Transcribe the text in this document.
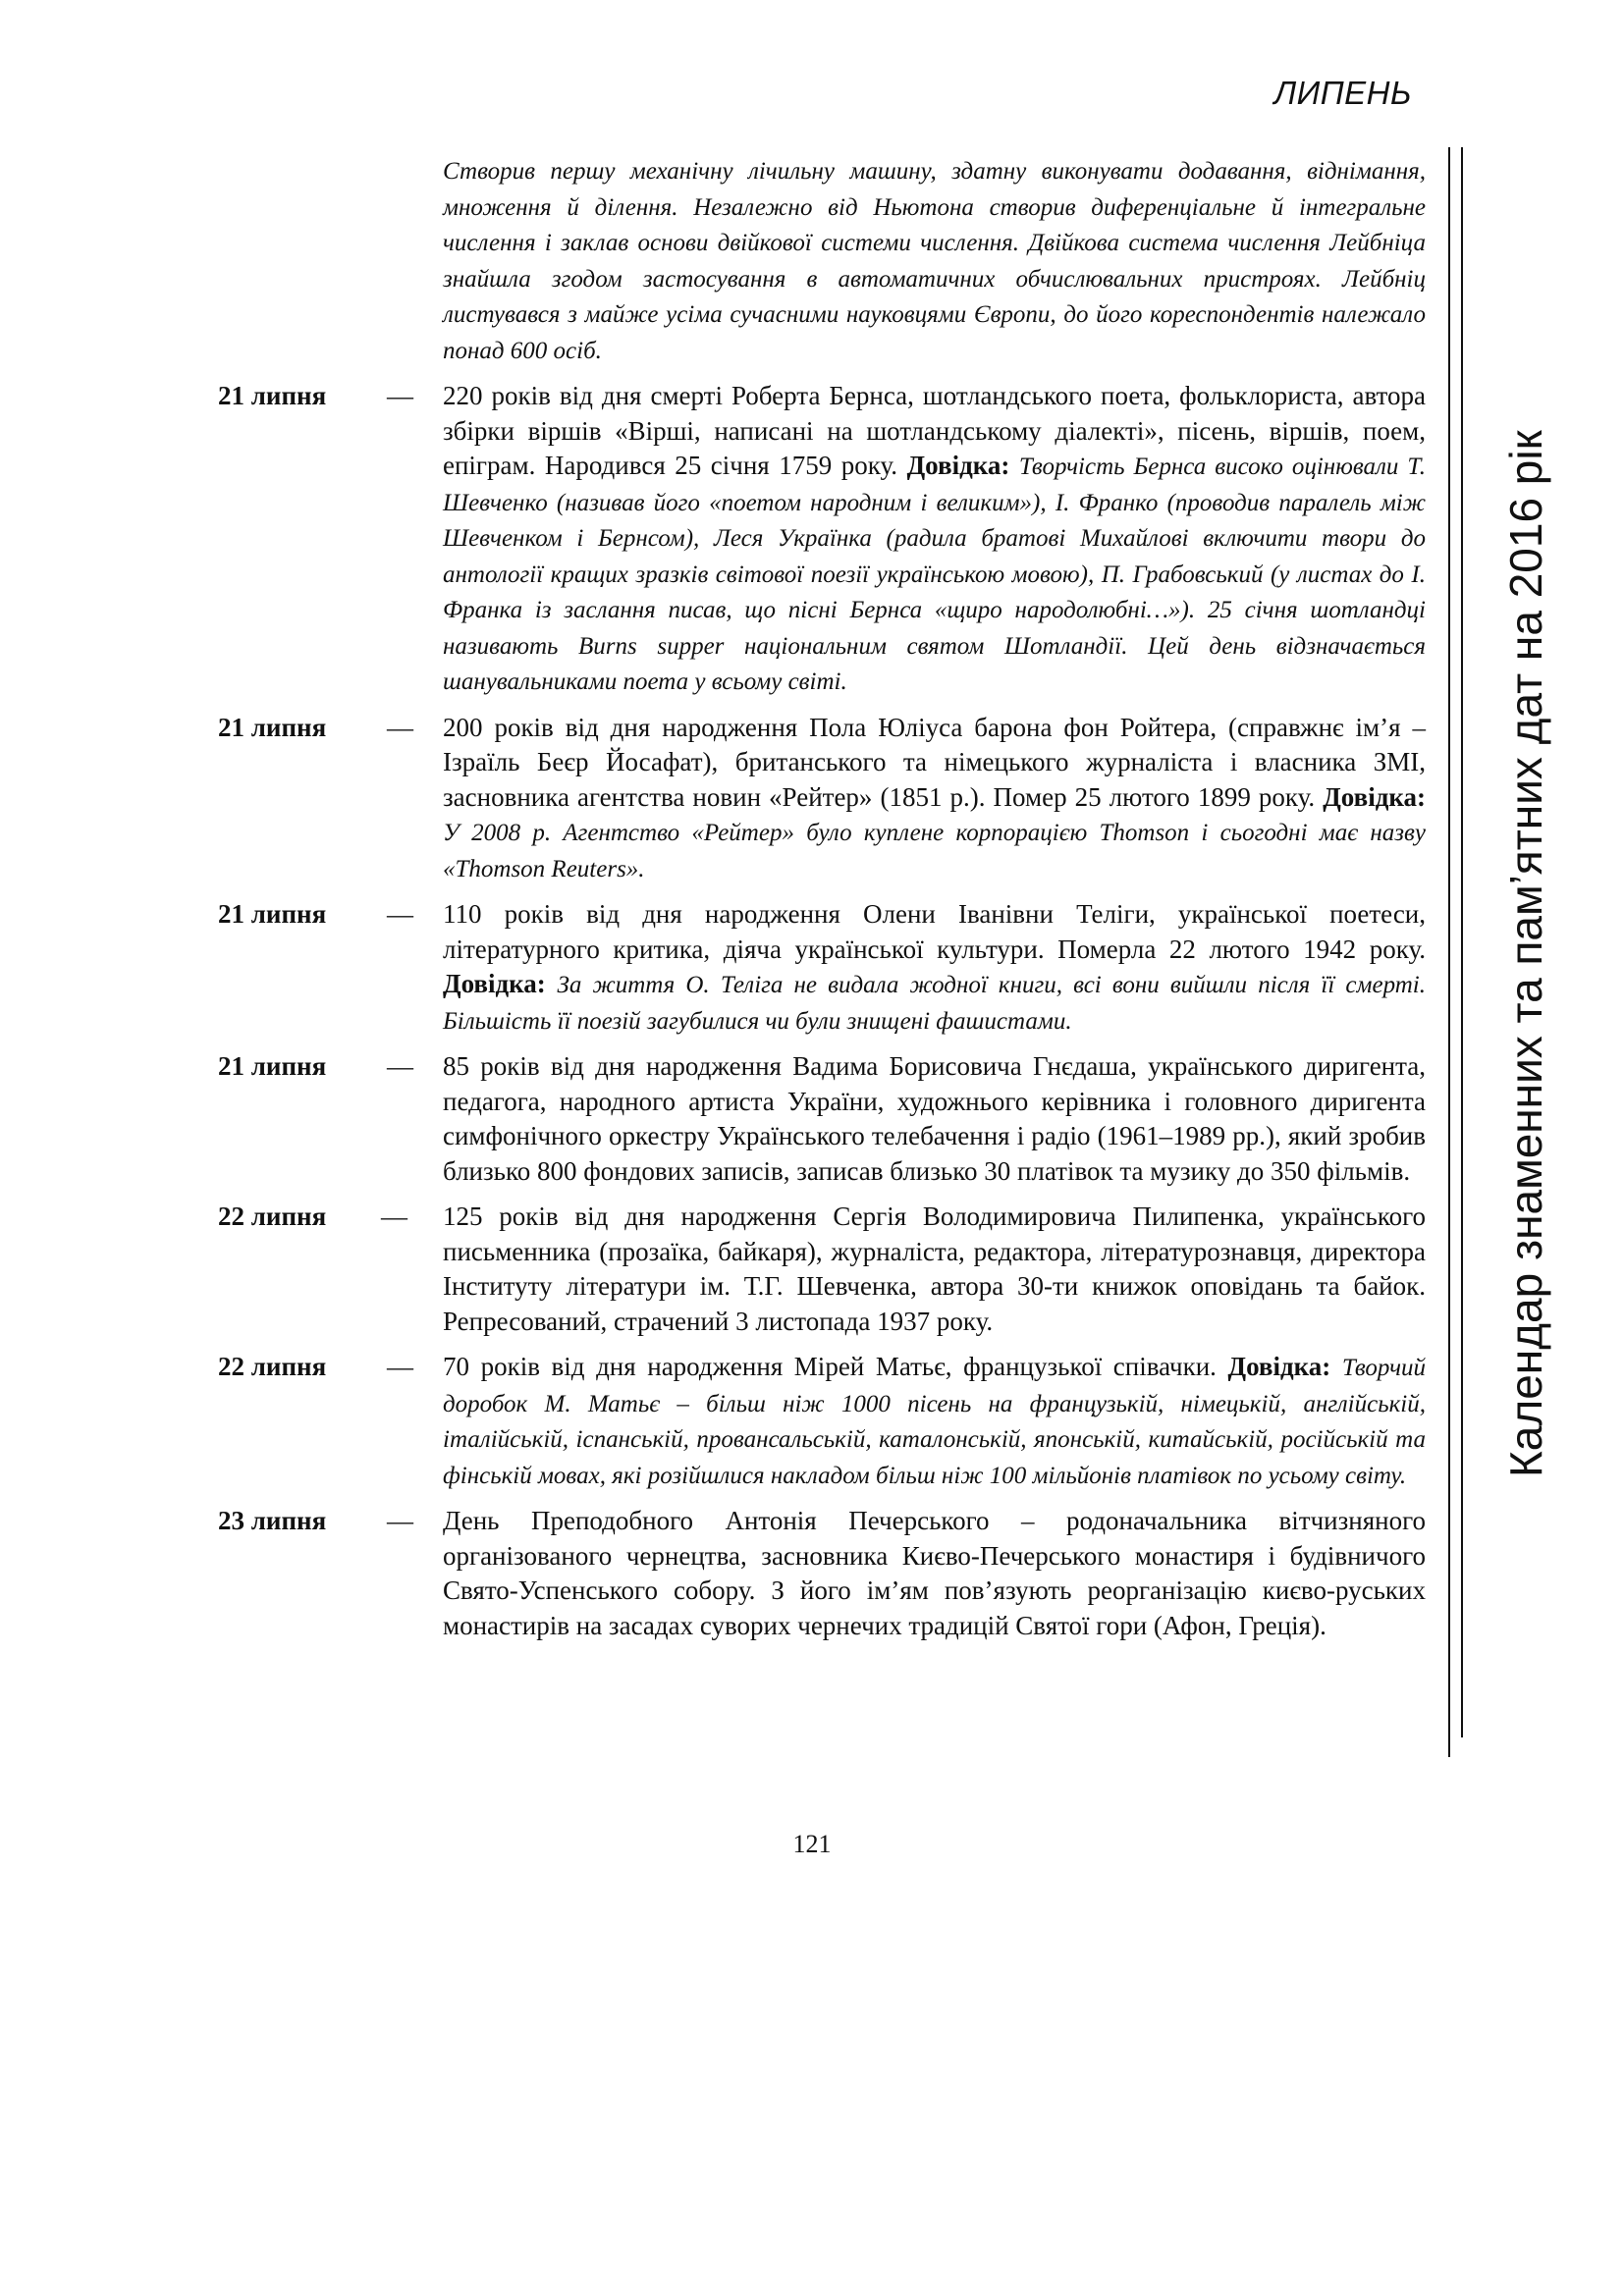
ЛИПЕНЬ
Календар знаменних та пам’ятних дат на 2016 рік

Створив першу механічну лічильну машину, здатну виконувати додавання, віднімання, множення й ділення. Незалежно від Ньютона створив диференціальне й інтегральне числення і заклав основи двійкової системи числення. Двійкова система числення Лейбніца знайшла згодом застосування в автоматичних обчислювальних пристроях. Лейбніц листувався з майже усіма сучасними науковцями Європи, до його кореспондентів належало понад 600 осіб.

21 липня — 220 років від дня смерті Роберта Бернса, шотландського поета, фольклориста, автора збірки віршів «Вірші, написані на шотландському діалекті», пісень, віршів, поем, епіграм. Народився 25 січня 1759 року. Довідка: Творчість Бернса високо оцінювали Т. Шевченко (називав його «поетом народним і великим»), І. Франко (проводив паралель між Шевченком і Бернсом), Леся Українка (радила братові Михайлові включити твори до антології кращих зразків світової поезії українською мовою), П. Грабовський (у листах до І. Франка із заслання писав, що пісні Бернса «щиро народолюбні…»). 25 січня шотландці називають Burns supper національним святом Шотландії. Цей день відзначається шанувальниками поета у всьому світі.

21 липня — 200 років від дня народження Пола Юліуса барона фон Ройтера, (справжнє ім’я – Ізраїль Беєр Йосафат), британського та німецького журналіста і власника ЗМІ, засновника агентства новин «Рейтер» (1851 р.). Помер 25 лютого 1899 року. Довідка: У 2008 р. Агентство «Рейтер» було куплене корпорацією Thomson і сьогодні має назву «Thomson Reuters».

21 липня — 110 років від дня народження Олени Іванівни Теліги, української поетеси, літературного критика, діяча української культури. Померла 22 лютого 1942 року. Довідка: За життя О. Теліга не видала жодної книги, всі вони вийшли після її смерті. Більшість її поезій загубилися чи були знищені фашистами.

21 липня — 85 років від дня народження Вадима Борисовича Гнєдаша, українського диригента, педагога, народного артиста України, художнього керівника і головного диригента симфонічного оркестру Українського телебачення і радіо (1961–1989 рр.), який зробив близько 800 фондових записів, записав близько 30 платівок та музику до 350 фільмів.

22 липня — 125 років від дня народження Сергія Володимировича Пилипенка, українського письменника (прозаїка, байкаря), журналіста, редактора, літературознавця, директора Інституту літератури ім. Т.Г. Шевченка, автора 30-ти книжок оповідань та байок. Репресований, страчений 3 листопада 1937 року.

22 липня — 70 років від дня народження Мірей Матьє, французької співачки. Довідка: Творчий доробок М. Матьє – більш ніж 1000 пісень на французькій, німецькій, англійській, італійській, іспанській, провансальській, каталонській, японській, китайській, російській та фінській мовах, які розійшлися накладом більш ніж 100 мільйонів платівок по усьому світу.

23 липня — День Преподобного Антонія Печерського – родоначальника вітчизняного організованого чернецтва, засновника Києво-Печерського монастиря і будівничого Свято-Успенського собору. З його ім’ям пов’язують реорганізацію києво-руських монастирів на засадах суворих чернечих традицій Святої гори (Афон, Греція).

121
